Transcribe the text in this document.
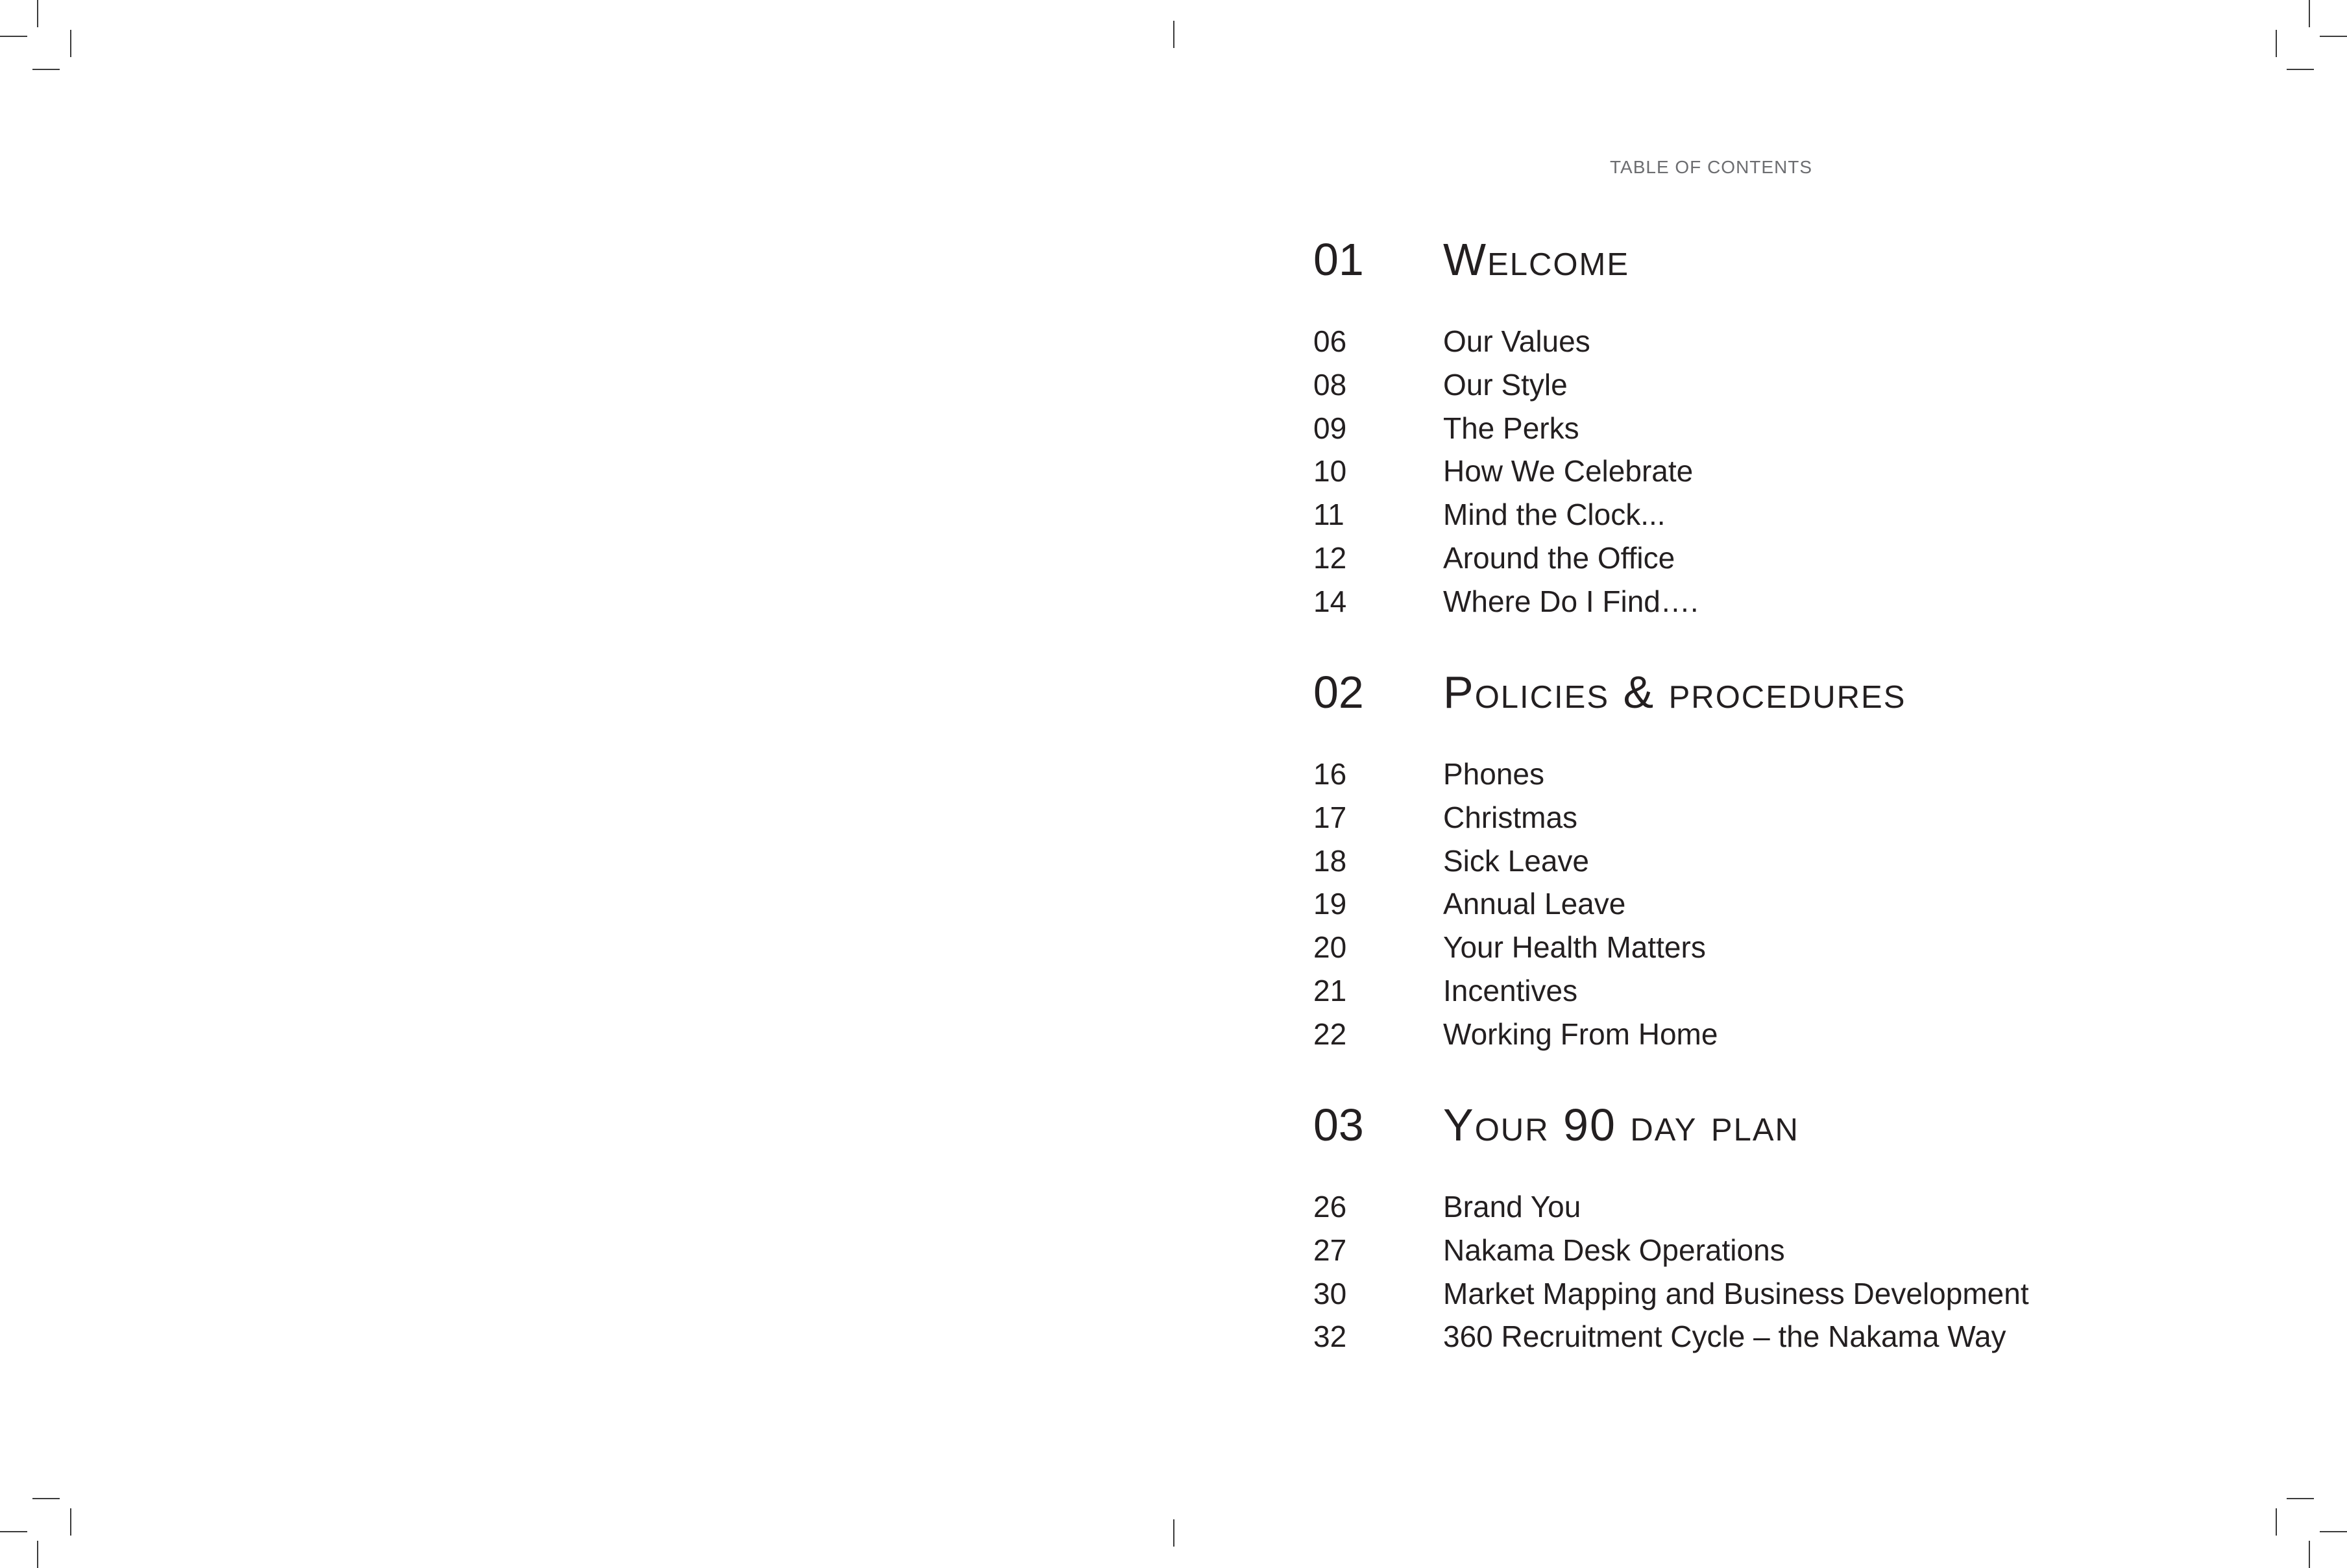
TABLE OF CONTENTS
01 Welcome
06	Our Values
08	Our Style
09	The Perks
10	How We Celebrate
11	Mind the Clock...
12	Around the Office
14	Where Do I Find….
02 Policies & procedures
16	Phones
17	Christmas
18	Sick Leave
19	Annual Leave
20	Your Health Matters
21	Incentives
22	Working From Home
03 Your 90 day plan
26	Brand You
27	Nakama Desk Operations
30	Market Mapping and Business Development
32	360 Recruitment Cycle – the Nakama Way
